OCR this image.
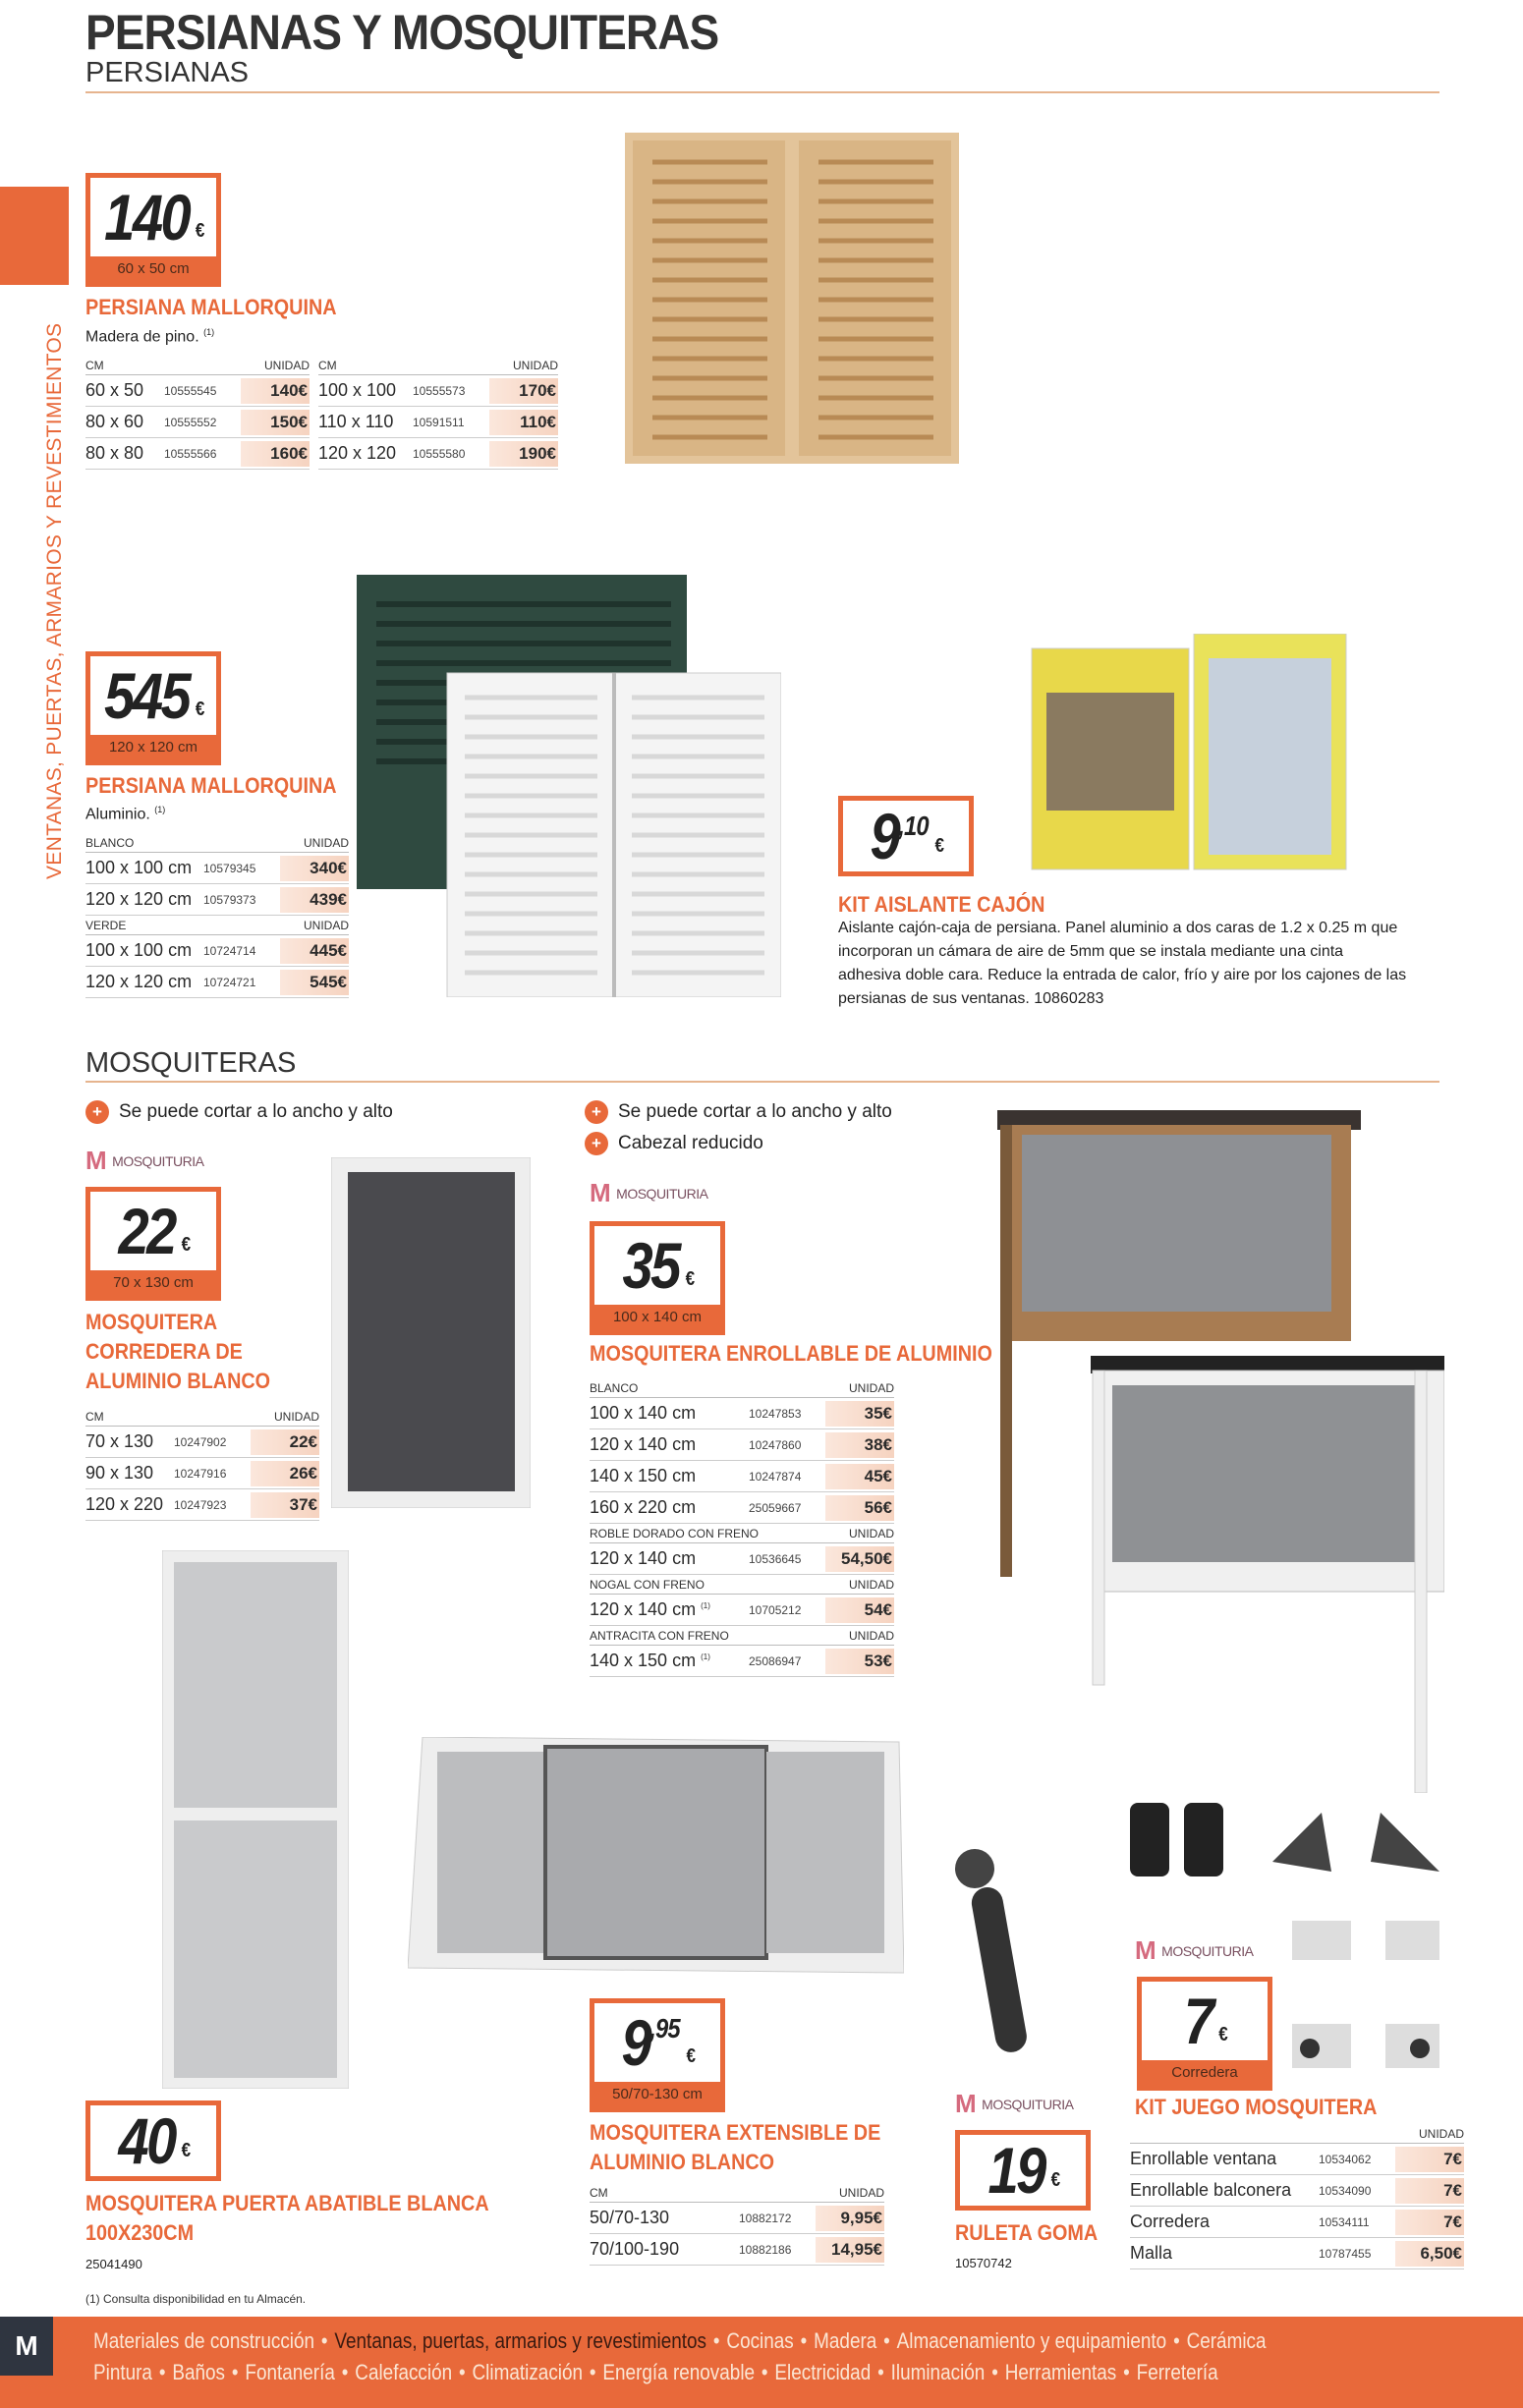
PERSIANAS Y MOSQUITERAS
PERSIANAS
VENTANAS, PUERTAS, ARMARIOS Y REVESTIMIENTOS
140 €
60 x 50 cm
PERSIANA MALLORQUINA
Madera de pino. $^{(1)}$
CM	UNIDAD
60 x 50	10555545	140€
80 x 60	10555552	150€
80 x 80	10555566	160€
CM	UNIDAD
100 x 100	10555573	170€
110 x 110	10591511	110€
120 x 120	10555580	190€
545 €
120 x 120 cm
PERSIANA MALLORQUINA
Aluminio. $^{(1)}$
BLANCO	UNIDAD
100 x 100 cm 10579345	340€
120 x 120 cm 10579373	439€
VERDE	UNIDAD
100 x 100 cm 10724714	445€
120 x 120 cm 10724721	545€
9 ,10
€
KIT AISLANTE CAJÓN
Aislante cajón-caja de persiana. Panel aluminio a dos caras de 1.2 x 0.25 m que incorporan un cámara de aire de 5mm que se instala mediante una cinta adhesiva doble cara. Reduce la entrada de calor, frío y aire por los cajones de las persianas de sus ventanas. 10860283
MOSQUITERAS
+ Se puede cortar a lo ancho y alto
M MOSQUITURIA
22 €
70 x 130 cm
MOSQUITERA CORREDERA DE ALUMINIO BLANCO
CM	UNIDAD
70 x 130	10247902	22€
90 x 130	10247916	26€
120 x 220 10247923	37€
+ Se puede cortar a lo ancho y alto
+ Cabezal reducido
M MOSQUITURIA
35 €
100 x 140 cm
MOSQUITERA ENROLLABLE DE ALUMINIO
BLANCO	UNIDAD
100 x 140 cm	10247853	35€
120 x 140 cm	10247860	38€
140 x 150 cm	10247874	45€
160 x 220 cm	25059667	56€
ROBLE DORADO CON FRENO	UNIDAD
120 x 140 cm	10536645	54,50€
NOGAL CON FRENO	UNIDAD
120 x 140 cm $^{(1)}$	10705212	54€
ANTRACITA CON FRENO	UNIDAD
140 x 150 cm $^{(1)}$	25086947	53€
40 €
MOSQUITERA PUERTA ABATIBLE BLANCA 100X230CM
25041490
(1) Consulta disponibilidad en tu Almacén.
9 ,95
€
50/70-130 cm
MOSQUITERA EXTENSIBLE DE ALUMINIO BLANCO
CM	UNIDAD
50/70-130	10882172	9,95€
70/100-190	10882186	14,95€
M MOSQUITURIA
19 €
RULETA GOMA
10570742
M MOSQUITURIA
7 €
Corredera
KIT JUEGO MOSQUITERA
UNIDAD
Enrollable ventana	10534062	7€
Enrollable balconera	10534090	7€
Corredera	10534111	7€
Malla	10787455	6,50€
M	Materiales de construcción • Ventanas, puertas, armarios y revestimientos • Cocinas • Madera • Almacenamiento y equipamiento • Cerámica
Pintura • Baños • Fontanería • Calefacción • Climatización • Energía renovable • Electricidad • Iluminación • Herramientas • Ferretería
